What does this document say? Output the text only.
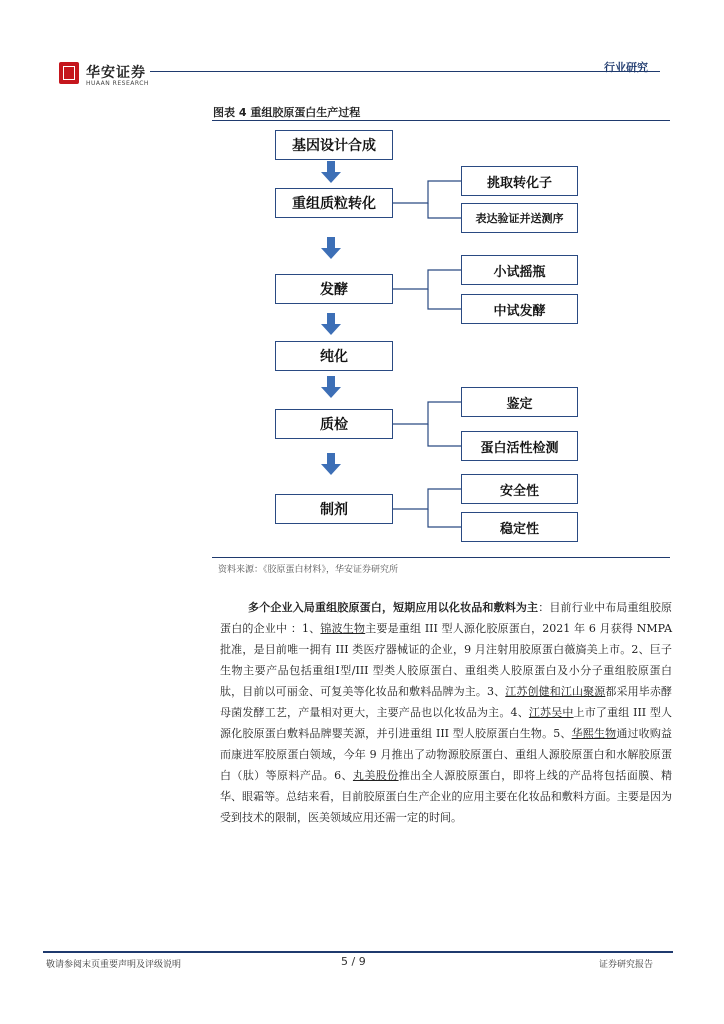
华安证券
HUAAN RESEARCH
行业研究
图表 4 重组胶原蛋白生产过程
基因设计合成
重组质粒转化
发酵
纯化
质检
制剂
挑取转化子
表达验证并送测序
小试摇瓶
中试发酵
鉴定
蛋白活性检测
安全性
稳定性
资料来源：《胶原蛋白材料》，华安证券研究所
多个企业入局重组胶原蛋白，短期应用以化妆品和敷料为主：目前行业中布局重组胶原蛋白的企业中 ：1、锦波生物主要是重组 III 型人源化胶原蛋白，2021 年 6 月获得 NMPA 批准，是目前唯一拥有 III 类医疗器械证的企业，9 月注射用胶原蛋白薇旖美上市。2、巨子生物主要产品包括重组Ⅰ型/III 型类人胶原蛋白、重组类人胶原蛋白及小分子重组胶原蛋白肽，目前以可丽金、可复美等化妆品和敷料品牌为主。3、江苏创健和江山聚源都采用毕赤酵母菌发酵工艺，产量相对更大，主要产品也以化妆品为主。4、江苏吴中上市了重组 III 型人源化胶原蛋白敷料品牌婴芙源，并引进重组 III 型人胶原蛋白生物。5、华熙生物通过收购益而康进军胶原蛋白领域，今年 9 月推出了动物源胶原蛋白、重组人源胶原蛋白和水解胶原蛋白（肽）等原料产品。6、丸美股份推出全人源胶原蛋白，即将上线的产品将包括面膜、精华、眼霜等。总结来看，目前胶原蛋白生产企业的应用主要在化妆品和敷料方面。主要是因为受到技术的限制，医美领域应用还需一定的时间。
敬请参阅末页重要声明及评级说明	5 / 9	证券研究报告
